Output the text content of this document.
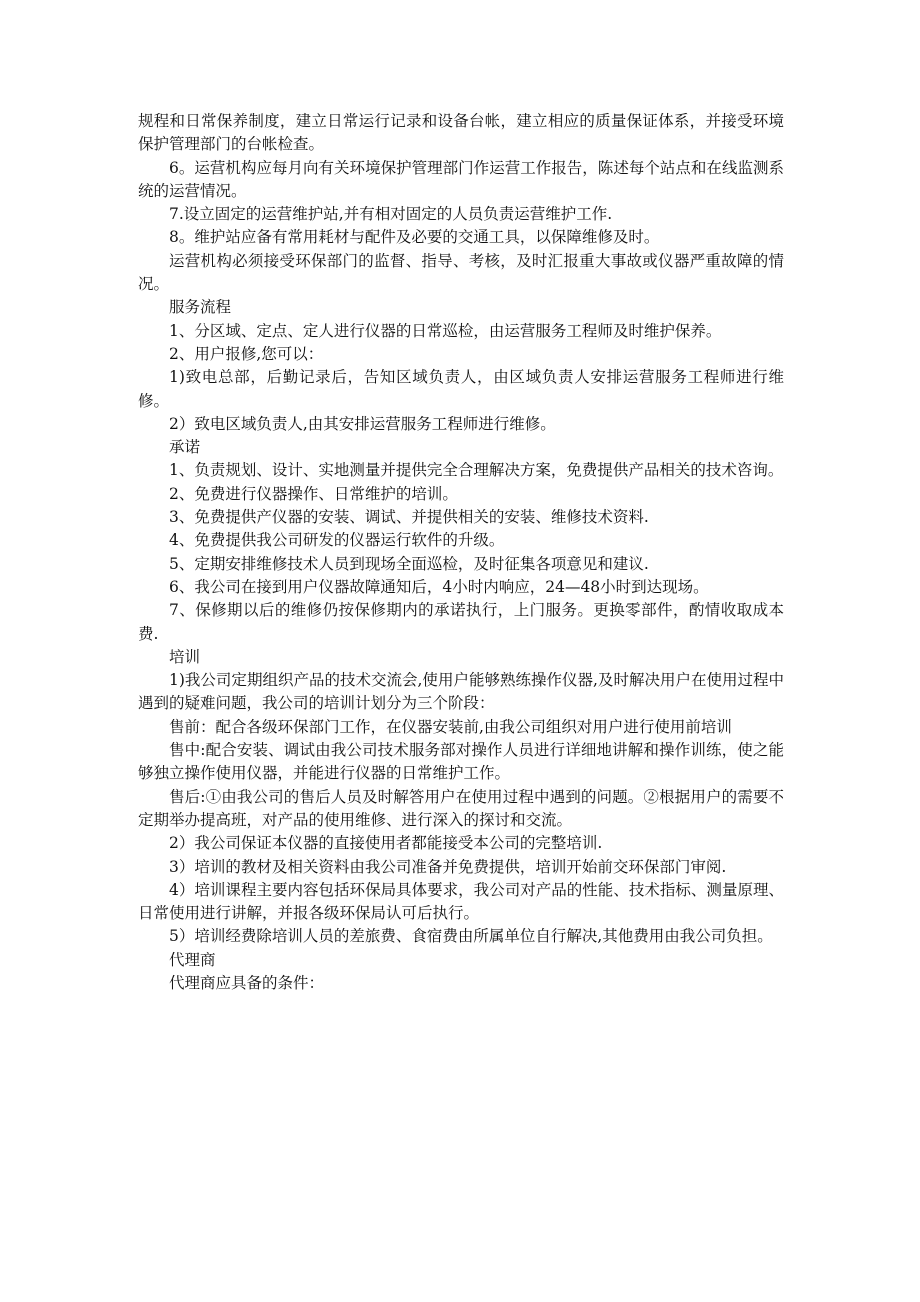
规程和日常保养制度，建立日常运行记录和设备台帐，建立相应的质量保证体系，并接受环境保护管理部门的台帐检查。

6。运营机构应每月向有关环境保护管理部门作运营工作报告，陈述每个站点和在线监测系统的运营情况。

7.设立固定的运营维护站,并有相对固定的人员负责运营维护工作.

8。维护站应备有常用耗材与配件及必要的交通工具，以保障维修及时。

运营机构必须接受环保部门的监督、指导、考核，及时汇报重大事故或仪器严重故障的情况。

服务流程

1、分区域、定点、定人进行仪器的日常巡检，由运营服务工程师及时维护保养。

2、用户报修,您可以：

1)致电总部，后勤记录后，告知区域负责人，由区域负责人安排运营服务工程师进行维修。

2）致电区域负责人,由其安排运营服务工程师进行维修。

承诺

1、负责规划、设计、实地测量并提供完全合理解决方案，免费提供产品相关的技术咨询。

2、免费进行仪器操作、日常维护的培训。

3、免费提供产仪器的安装、调试、并提供相关的安装、维修技术资料.

4、免费提供我公司研发的仪器运行软件的升级。

5、定期安排维修技术人员到现场全面巡检，及时征集各项意见和建议.

6、我公司在接到用户仪器故障通知后，4小时内响应，24—48小时到达现场。

7、保修期以后的维修仍按保修期内的承诺执行，上门服务。更换零部件，酌情收取成本费.

培训

1)我公司定期组织产品的技术交流会,使用户能够熟练操作仪器,及时解决用户在使用过程中遇到的疑难问题，我公司的培训计划分为三个阶段：

售前：配合各级环保部门工作，在仪器安装前,由我公司组织对用户进行使用前培训

售中:配合安装、调试由我公司技术服务部对操作人员进行详细地讲解和操作训练，使之能够独立操作使用仪器，并能进行仪器的日常维护工作。

售后:①由我公司的售后人员及时解答用户在使用过程中遇到的问题。②根据用户的需要不定期举办提高班，对产品的使用维修、进行深入的探讨和交流。

2）我公司保证本仪器的直接使用者都能接受本公司的完整培训.

3）培训的教材及相关资料由我公司准备并免费提供，培训开始前交环保部门审阅.

4）培训课程主要内容包括环保局具体要求，我公司对产品的性能、技术指标、测量原理、日常使用进行讲解，并报各级环保局认可后执行。

5）培训经费除培训人员的差旅费、食宿费由所属单位自行解决,其他费用由我公司负担。

代理商

代理商应具备的条件：
